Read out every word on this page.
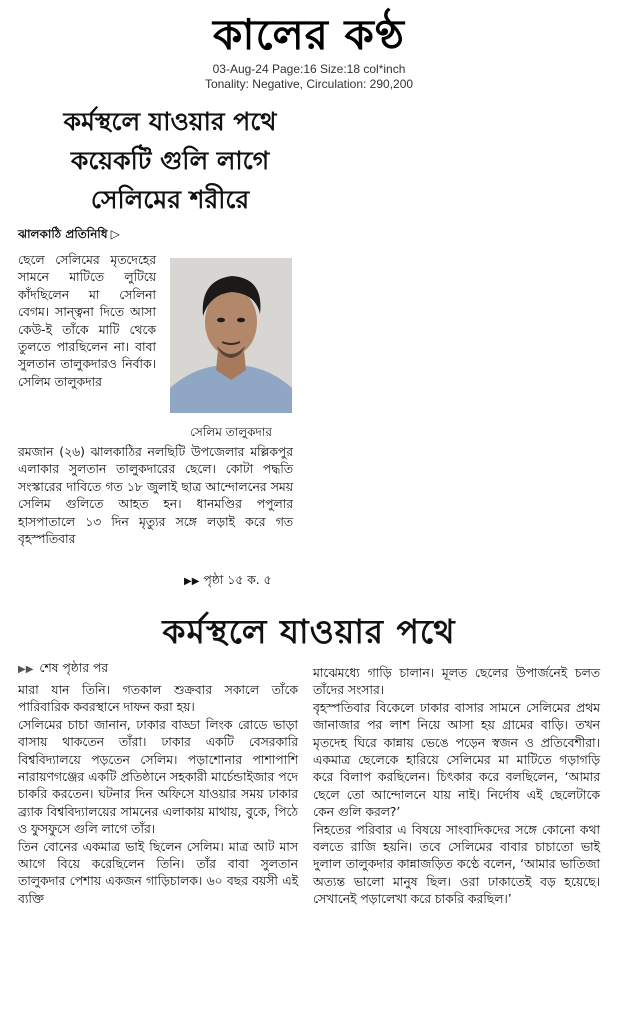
কালের কণ্ঠ
03-Aug-24 Page:16 Size:18 col*inch
Tonality: Negative, Circulation: 290,200
কর্মস্থলে যাওয়ার পথে
কয়েকটি গুলি লাগে
সেলিমের শরীরে
ঝালকাঠি প্রতিনিধি ▷
ছেলে সেলিমের মৃতদেহের সামনে মাটিতে লুটিয়ে কাঁদছিলেন মা সেলিনা বেগম। সান্ত্বনা দিতে আসা কেউ-ই তাঁকে মাটি থেকে তুলতে পারছিলেন না। বাবা সুলতান তালুকদারও নির্বাক। সেলিম তালুকদার
সেলিম তালুকদার
রমজান (২৬) ঝালকাঠির নলছিটি উপজেলার মল্লিকপুর এলাকার সুলতান তালুকদারের ছেলে। কোটা পদ্ধতি সংস্কারের দাবিতে গত ১৮ জুলাই ছাত্র আন্দোলনের সময় সেলিম গুলিতে আহত হন। ধানমণ্ডির পপুলার হাসপাতালে ১৩ দিন মৃত্যুর সঙ্গে লড়াই করে গত বৃহস্পতিবার
▶▶ পৃষ্ঠা ১৫ ক. ৫
কর্মস্থলে যাওয়ার পথে
▶▶ শেষ পৃষ্ঠার পর

মারা যান তিনি। গতকাল শুক্রবার সকালে তাঁকে পারিবারিক কবরস্থানে দাফন করা হয়।

সেলিমের চাচা জানান, ঢাকার বাড্ডা লিংক রোডে ভাড়া বাসায় থাকতেন তাঁরা। ঢাকার একটি বেসরকারি বিশ্ববিদ্যালয়ে পড়তেন সেলিম। পড়াশোনার পাশাপাশি নারায়ণগঞ্জের একটি প্রতিষ্ঠানে সহকারী মার্চেন্ডাইজার পদে চাকরি করতেন। ঘটনার দিন অফিসে যাওয়ার সময় ঢাকার ব্র্যাক বিশ্ববিদ্যালয়ের সামনের এলাকায় মাথায়, বুকে, পিঠে ও ফুসফুসে গুলি লাগে তাঁর।

তিন বোনের একমাত্র ভাই ছিলেন সেলিম। মাত্র আট মাস আগে বিয়ে করেছিলেন তিনি। তাঁর বাবা সুলতান তালুকদার পেশায় একজন গাড়িচালক। ৬০ বছর বয়সী এই ব্যক্তি

মাঝেমধ্যে গাড়ি চালান। মূলত ছেলের উপার্জনেই চলত তাঁদের সংসার।

বৃহস্পতিবার বিকেলে ঢাকার বাসার সামনে সেলিমের প্রথম জানাজার পর লাশ নিয়ে আসা হয় গ্রামের বাড়ি। তখন মৃতদেহ ঘিরে কান্নায় ভেঙে পড়েন স্বজন ও প্রতিবেশীরা। একমাত্র ছেলেকে হারিয়ে সেলিমের মা মাটিতে গড়াগড়ি করে বিলাপ করছিলেন। চিৎকার করে বলছিলেন, ‘আমার ছেলে তো আন্দোলনে যায় নাই। নির্দোষ এই ছেলেটাকে কেন গুলি করল?’

নিহতের পরিবার এ বিষয়ে সাংবাদিকদের সঙ্গে কোনো কথা বলতে রাজি হয়নি। তবে সেলিমের বাবার চাচাতো ভাই দুলাল তালুকদার কান্নাজড়িত কণ্ঠে বলেন, ‘আমার ভাতিজা অত্যন্ত ভালো মানুষ ছিল। ওরা ঢাকাতেই বড় হয়েছে। সেখানেই পড়ালেখা করে চাকরি করছিল।’
